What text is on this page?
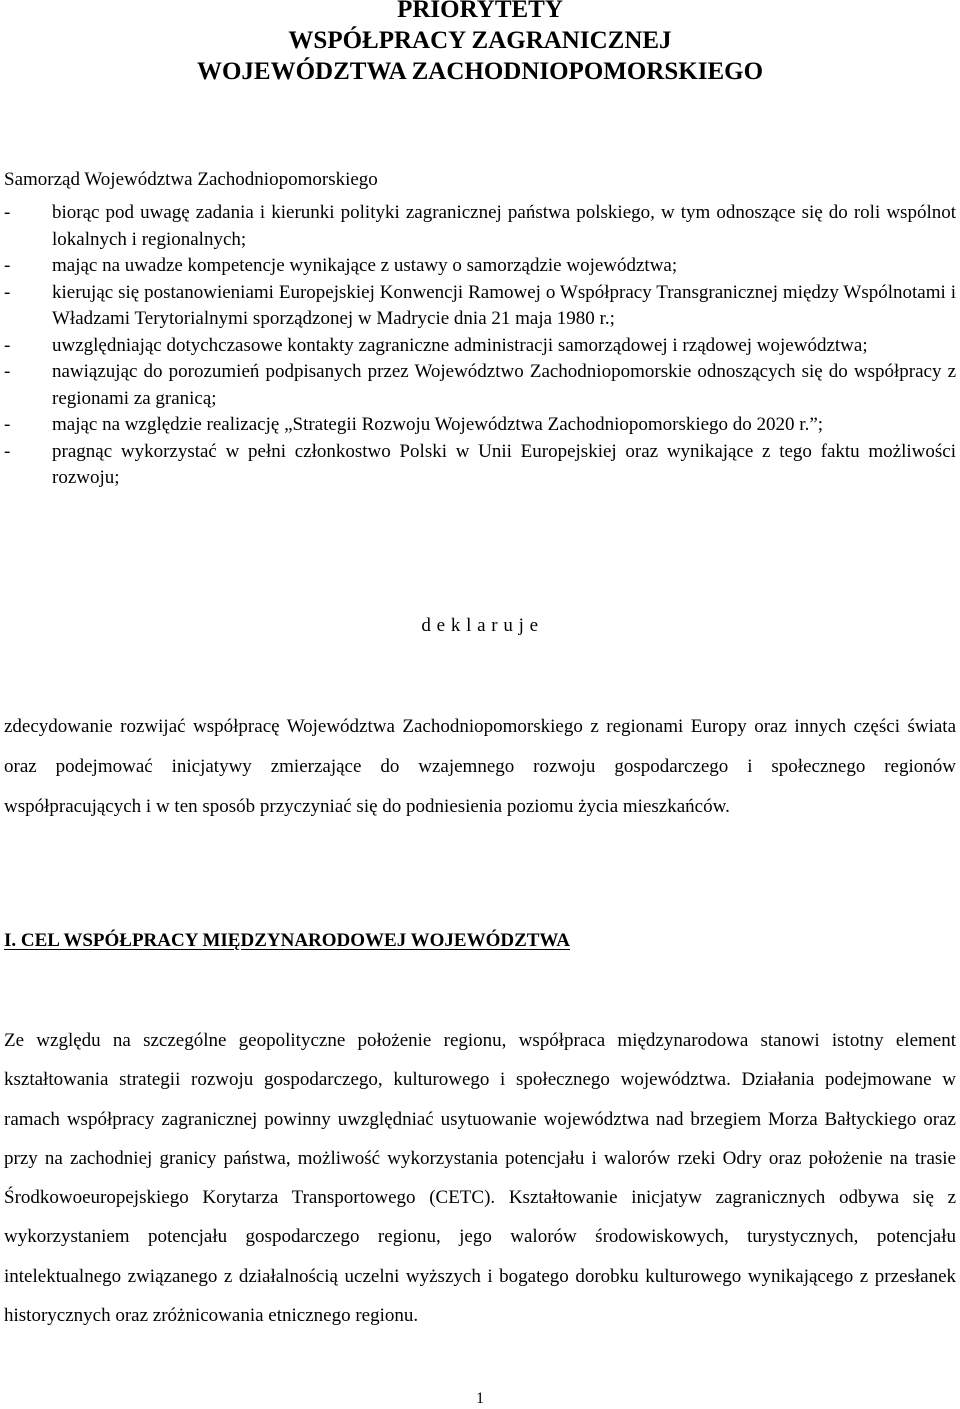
PRIORYTETY
WSPÓŁPRACY ZAGRANICZNEJ
WOJEWÓDZTWA ZACHODNIOPOMORSKIEGO
Samorząd Województwa Zachodniopomorskiego
- biorąc pod uwagę zadania i kierunki polityki zagranicznej państwa polskiego, w tym odnoszące się do roli wspólnot lokalnych i regionalnych;
- mając na uwadze kompetencje wynikające z ustawy o samorządzie województwa;
- kierując się postanowieniami Europejskiej Konwencji Ramowej o Współpracy Transgranicznej między Wspólnotami i Władzami Terytorialnymi sporządzonej w Madrycie dnia 21 maja 1980 r.;
- uwzględniając dotychczasowe kontakty zagraniczne administracji samorządowej i rządowej województwa;
- nawiązując do porozumień podpisanych przez Województwo Zachodniopomorskie odnoszących się do współpracy z regionami za granicą;
- mając na względzie realizację „Strategii Rozwoju Województwa Zachodniopomorskiego do 2020 r.”;
- pragnąc wykorzystać w pełni członkostwo Polski w Unii Europejskiej oraz wynikające z tego faktu możliwości rozwoju;
d e k l a r u j e

zdecydowanie rozwijać współpracę Województwa Zachodniopomorskiego z regionami Europy oraz innych części świata oraz podejmować inicjatywy zmierzające do wzajemnego rozwoju gospodarczego i społecznego regionów współpracujących i w ten sposób przyczyniać się do podniesienia poziomu życia mieszkańców.

I. CEL WSPÓŁPRACY MIĘDZYNARODOWEJ WOJEWÓDZTWA

Ze względu na szczególne geopolityczne położenie regionu, współpraca międzynarodowa stanowi istotny element kształtowania strategii rozwoju gospodarczego, kulturowego i społecznego województwa. Działania podejmowane w ramach współpracy zagranicznej powinny uwzględniać usytuowanie województwa nad brzegiem Morza Bałtyckiego oraz przy na zachodniej granicy państwa, możliwość wykorzystania potencjału i walorów rzeki Odry oraz położenie na trasie Środkowoeuropejskiego Korytarza Transportowego (CETC). Kształtowanie inicjatyw zagranicznych odbywa się z wykorzystaniem potencjału gospodarczego regionu, jego walorów środowiskowych, turystycznych, potencjału intelektualnego związanego z działalnością uczelni wyższych i bogatego dorobku kulturowego wynikającego z przesłanek historycznych oraz zróżnicowania etnicznego regionu.

1
